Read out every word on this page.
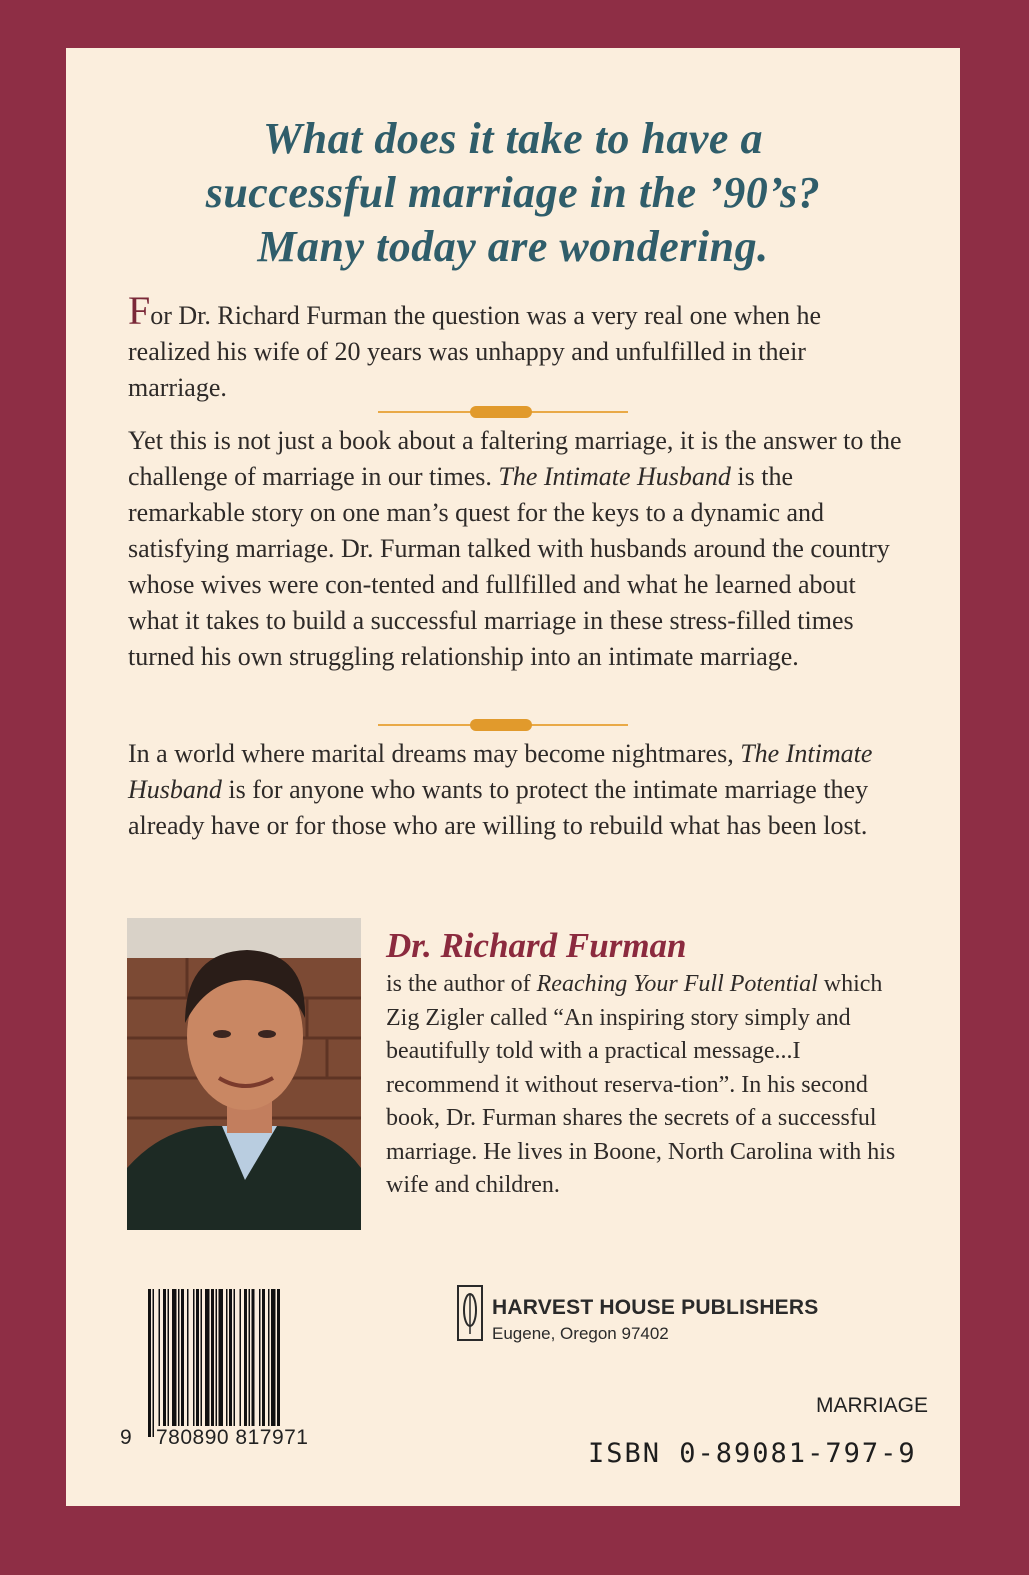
What does it take to have a
successful marriage in the ’90’s?
Many today are wondering.
For Dr. Richard Furman the question was a very real one when he realized his wife of 20 years was unhappy and unfulfilled in their marriage.
Yet this is not just a book about a faltering marriage, it is the answer to the challenge of marriage in our times. The Intimate Husband is the remarkable story on one man’s quest for the keys to a dynamic and satisfying marriage. Dr. Furman talked with husbands around the country whose wives were con-tented and fullfilled and what he learned about what it takes to build a successful marriage in these stress-filled times turned his own struggling relationship into an intimate marriage.
In a world where marital dreams may become nightmares, The Intimate Husband is for anyone who wants to protect the intimate marriage they already have or for those who are willing to rebuild what has been lost.
Dr. Richard Furman
is the author of Reaching Your Full Potential which Zig Zigler called “An inspiring story simply and beautifully told with a practical message...I recommend it without reserva-tion”. In his second book, Dr. Furman shares the secrets of a successful marriage. He lives in Boone, North Carolina with his wife and children.
9 780890 817971
HARVEST HOUSE PUBLISHERS
Eugene, Oregon 97402
MARRIAGE
ISBN 0-89081-797-9
